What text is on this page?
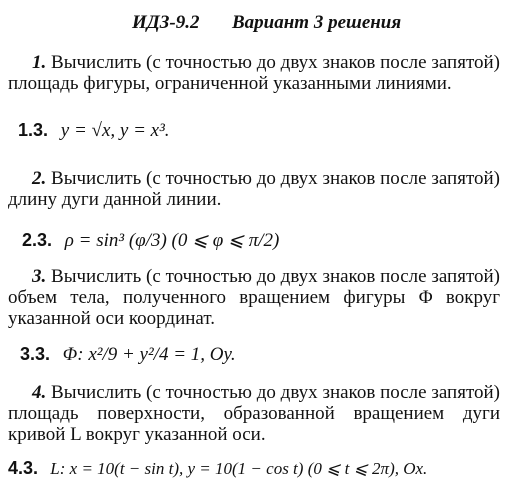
ИДЗ-9.2 Вариант 3 решения
1. Вычислить (с точностью до двух знаков после запятой) площадь фигуры, ограниченной указанными линиями.
1.3. y = √x, y = x³.
2. Вычислить (с точностью до двух знаков после запятой) длину дуги данной линии.
2.3. ρ = sin³ (φ/3) (0 ⩽ φ ⩽ π/2)
3. Вычислить (с точностью до двух знаков после запятой) объем тела, полученного вращением фигуры Φ вокруг указанной оси координат.
3.3. Φ: x²/9 + y²/4 = 1, Oy.
4. Вычислить (с точностью до двух знаков после запятой) площадь поверхности, образованной вращением дуги кривой L вокруг указанной оси.
4.3. L: x = 10(t − sin t), y = 10(1 − cos t) (0 ⩽ t ⩽ 2π), Ox.
